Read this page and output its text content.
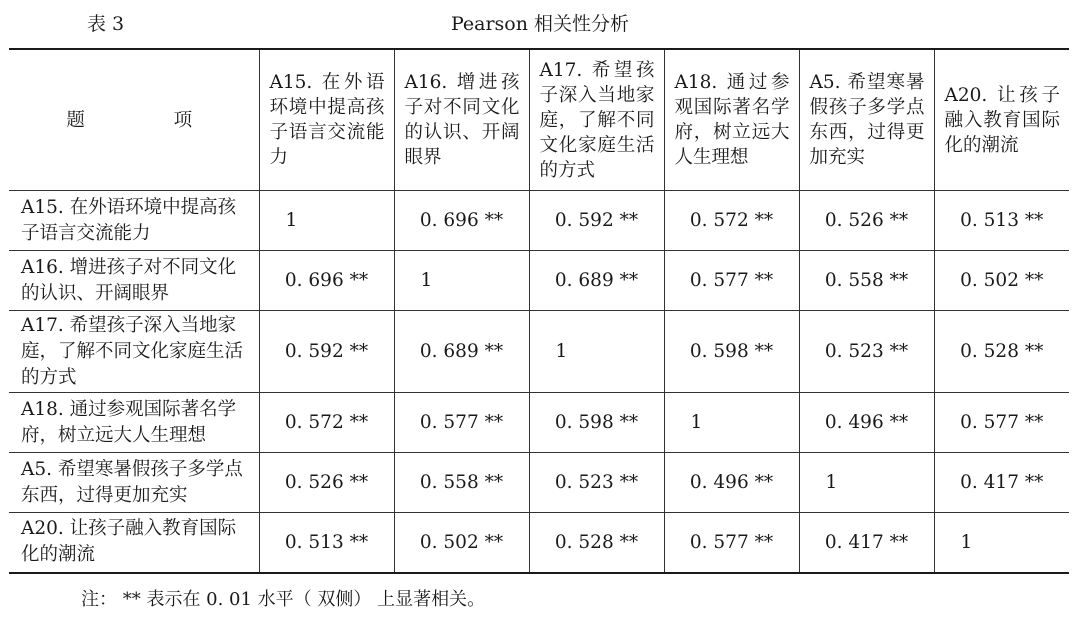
表 3	Pearson 相关性分析
题　项	A15. 在外语环境中提高孩子语言交流能力	A16. 增进孩子对不同文化的认识、开阔眼界	A17. 希望孩子深入当地家庭，了解不同文化家庭生活的方式	A18. 通过参观国际著名学府，树立远大人生理想	A5. 希望寒暑假孩子多学点东西，过得更加充实	A20. 让孩子融入教育国际化的潮流
A15. 在外语环境中提高孩子语言交流能力	1	0. 696 **	0. 592 **	0. 572 **	0. 526 **	0. 513 **
A16. 增进孩子对不同文化的认识、开阔眼界	0. 696 **	1	0. 689 **	0. 577 **	0. 558 **	0. 502 **
A17. 希望孩子深入当地家庭，了解不同文化家庭生活的方式	0. 592 **	0. 689 **	1	0. 598 **	0. 523 **	0. 528 **
A18. 通过参观国际著名学府，树立远大人生理想	0. 572 **	0. 577 **	0. 598 **	1	0. 496 **	0. 577 **
A5. 希望寒暑假孩子多学点东西，过得更加充实	0. 526 **	0. 558 **	0. 523 **	0. 496 **	1	0. 417 **
A20. 让孩子融入教育国际化的潮流	0. 513 **	0. 502 **	0. 528 **	0. 577 **	0. 417 **	1
注： ** 表示在 0. 01 水平（ 双侧） 上显著相关。
